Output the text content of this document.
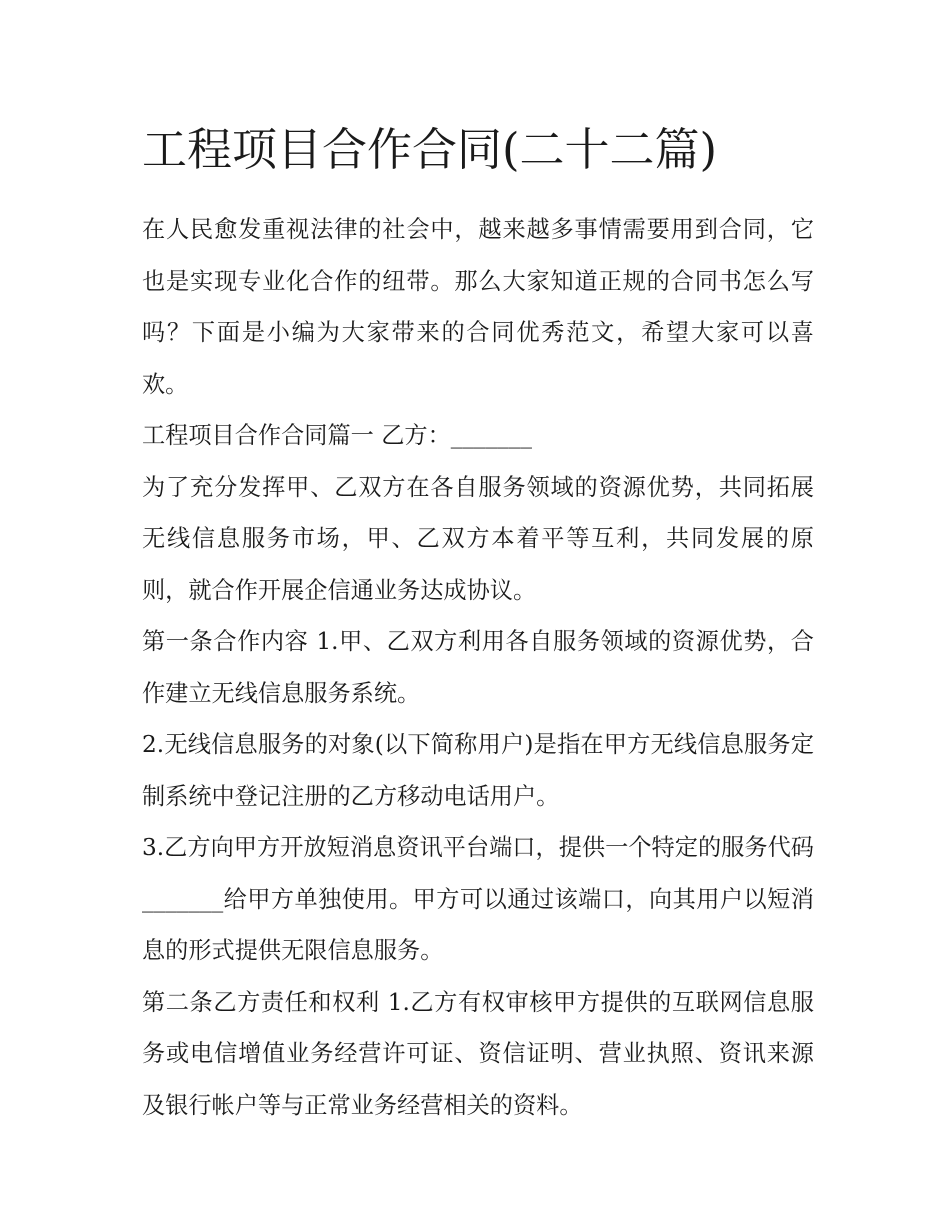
工程项目合作合同(二十二篇)

在人民愈发重视法律的社会中，越来越多事情需要用到合同，它也是实现专业化合作的纽带。那么大家知道正规的合同书怎么写吗？下面是小编为大家带来的合同优秀范文，希望大家可以喜欢。

工程项目合作合同篇一 乙方：_______

为了充分发挥甲、乙双方在各自服务领域的资源优势，共同拓展无线信息服务市场，甲、乙双方本着平等互利，共同发展的原则，就合作开展企信通业务达成协议。

第一条合作内容 1.甲、乙双方利用各自服务领域的资源优势，合作建立无线信息服务系统。

2.无线信息服务的对象(以下简称用户)是指在甲方无线信息服务定制系统中登记注册的乙方移动电话用户。

3.乙方向甲方开放短消息资讯平台端口，提供一个特定的服务代码_______给甲方单独使用。甲方可以通过该端口，向其用户以短消息的形式提供无限信息服务。

第二条乙方责任和权利 1.乙方有权审核甲方提供的互联网信息服务或电信增值业务经营许可证、资信证明、营业执照、资讯来源及银行帐户等与正常业务经营相关的资料。
